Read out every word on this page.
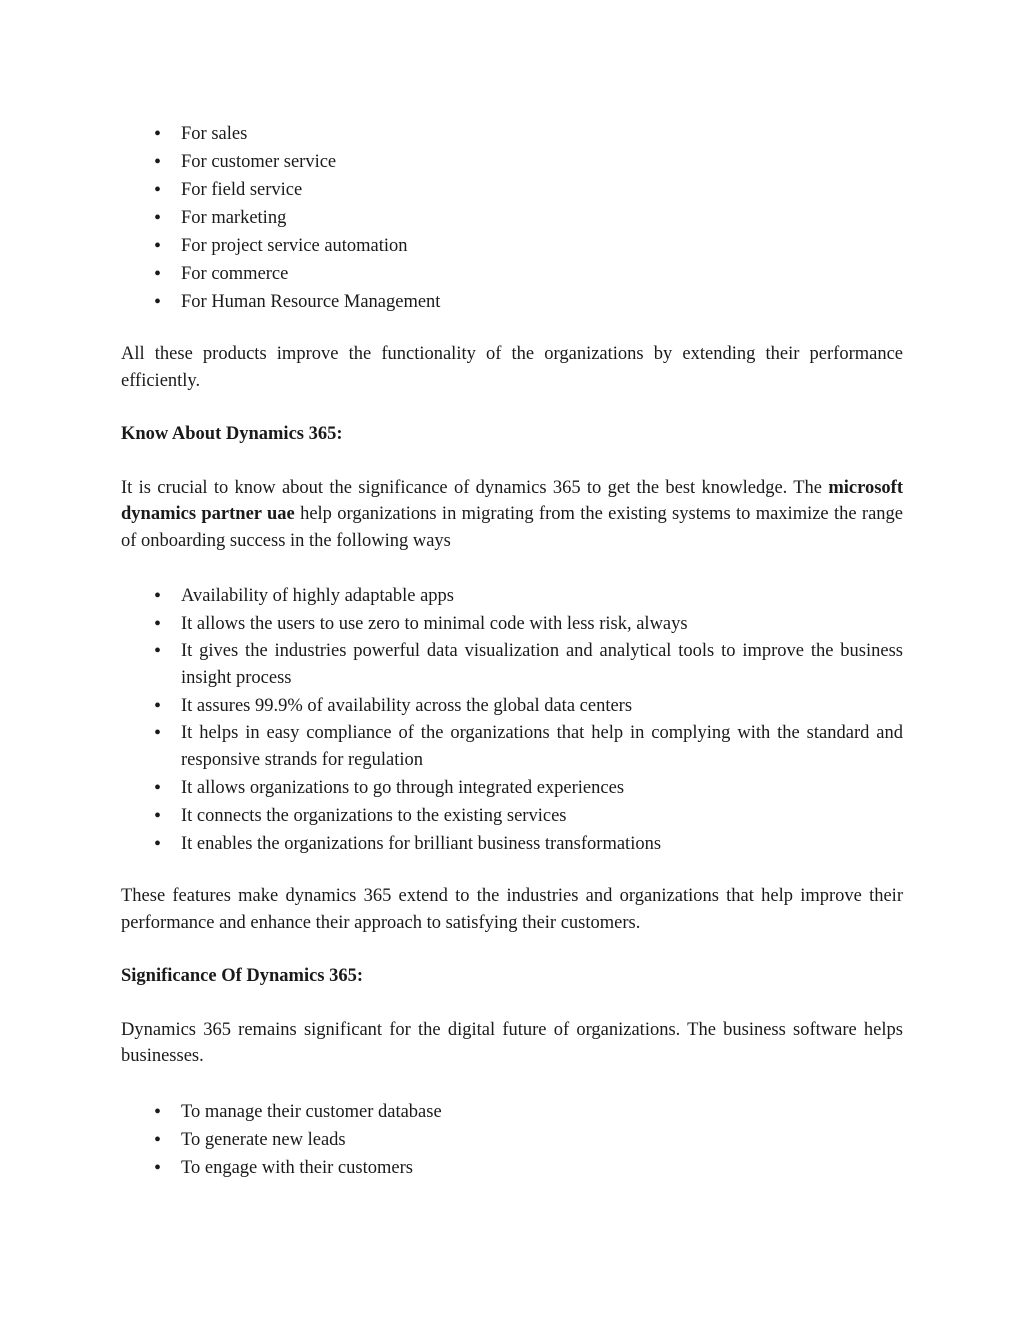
• For sales
• For customer service
• For field service
• For marketing
• For project service automation
• For commerce
• For Human Resource Management

All these products improve the functionality of the organizations by extending their performance efficiently.

Know About Dynamics 365:

It is crucial to know about the significance of dynamics 365 to get the best knowledge. The microsoft dynamics partner uae help organizations in migrating from the existing systems to maximize the range of onboarding success in the following ways

• Availability of highly adaptable apps
• It allows the users to use zero to minimal code with less risk, always
• It gives the industries powerful data visualization and analytical tools to improve the business insight process
• It assures 99.9% of availability across the global data centers
• It helps in easy compliance of the organizations that help in complying with the standard and responsive strands for regulation
• It allows organizations to go through integrated experiences
• It connects the organizations to the existing services
• It enables the organizations for brilliant business transformations

These features make dynamics 365 extend to the industries and organizations that help improve their performance and enhance their approach to satisfying their customers.

Significance Of Dynamics 365:

Dynamics 365 remains significant for the digital future of organizations. The business software helps businesses.

• To manage their customer database
• To generate new leads
• To engage with their customers
